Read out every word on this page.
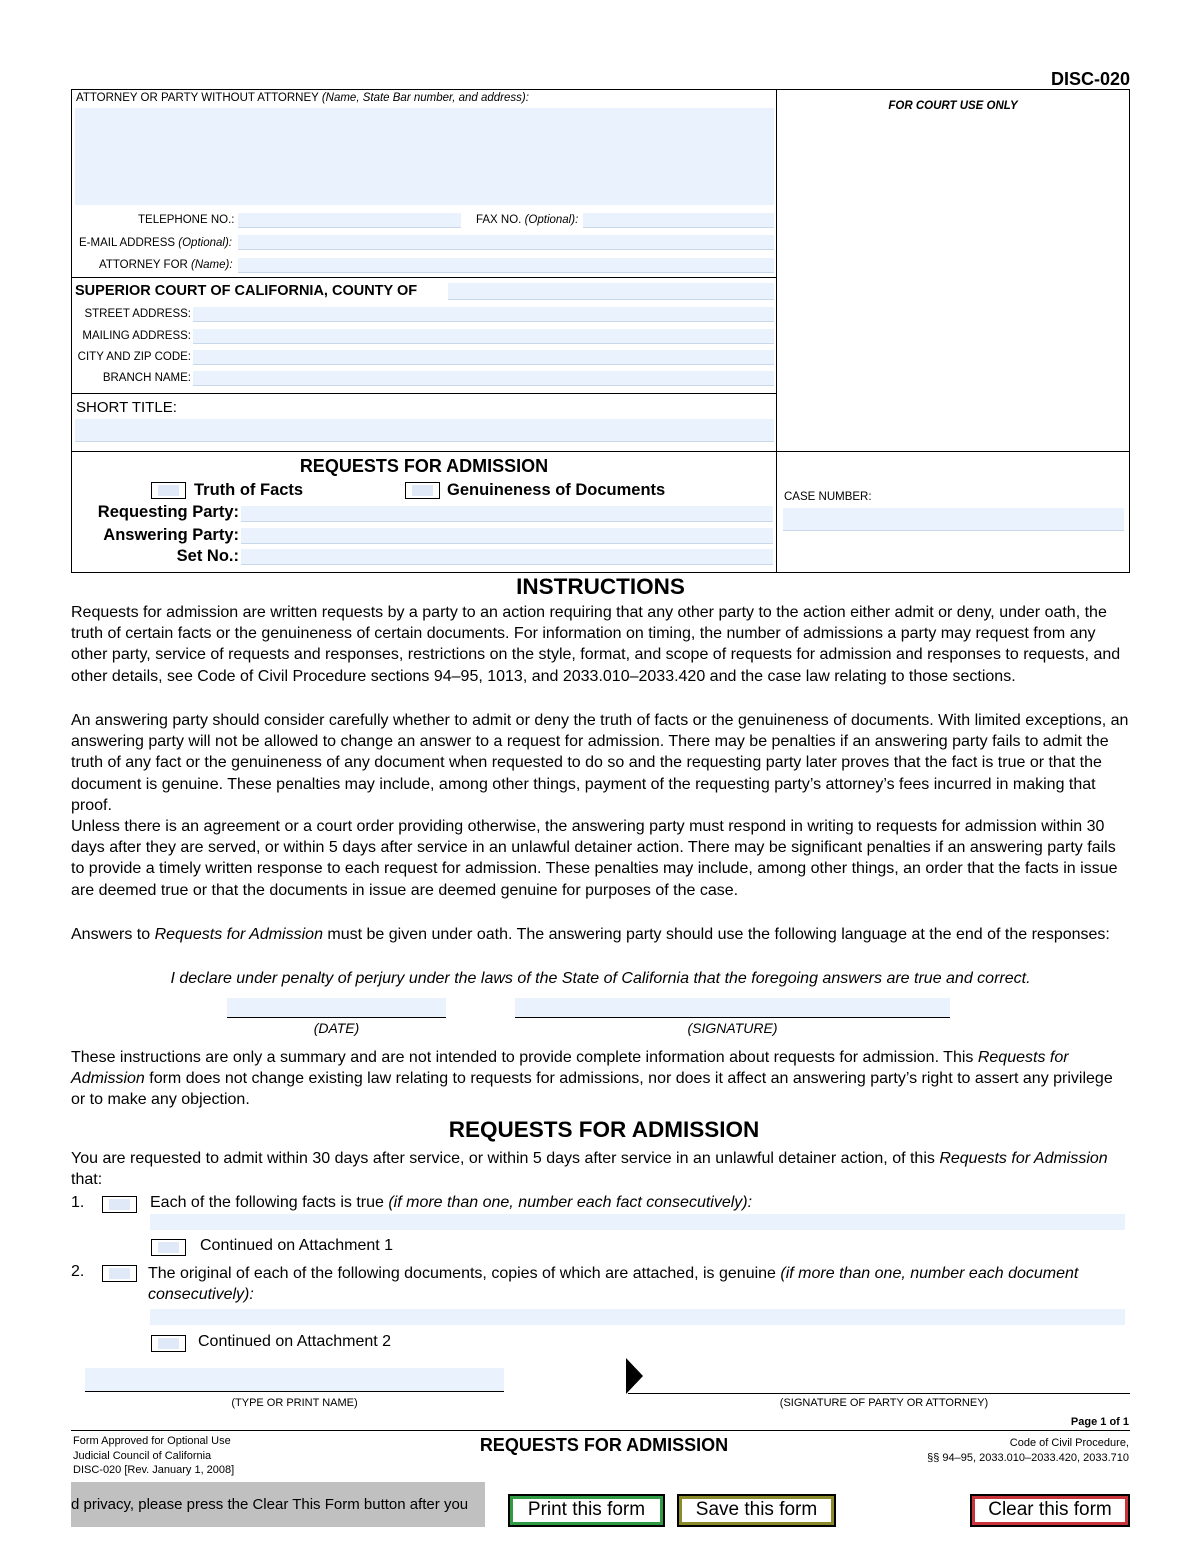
DISC-020
ATTORNEY OR PARTY WITHOUT ATTORNEY (Name, State Bar number, and address):
TELEPHONE NO.:	FAX NO. (Optional):
E-MAIL ADDRESS (Optional):
ATTORNEY FOR (Name):
SUPERIOR COURT OF CALIFORNIA, COUNTY OF
STREET ADDRESS:
MAILING ADDRESS:
CITY AND ZIP CODE:
BRANCH NAME:
SHORT TITLE:
FOR COURT USE ONLY
REQUESTS FOR ADMISSION
Truth of Facts	Genuineness of Documents
Requesting Party:
Answering Party:
Set No.:
CASE NUMBER:
INSTRUCTIONS
Requests for admission are written requests by a party to an action requiring that any other party to the action either admit or deny, under oath, the truth of certain facts or the genuineness of certain documents. For information on timing, the number of admissions a party may request from any other party, service of requests and responses, restrictions on the style, format, and scope of requests for admission and responses to requests, and other details, see Code of Civil Procedure sections 94–95, 1013, and 2033.010–2033.420 and the case law relating to those sections.
An answering party should consider carefully whether to admit or deny the truth of facts or the genuineness of documents. With limited exceptions, an answering party will not be allowed to change an answer to a request for admission. There may be penalties if an answering party fails to admit the truth of any fact or the genuineness of any document when requested to do so and the requesting party later proves that the fact is true or that the document is genuine. These penalties may include, among other things, payment of the requesting party’s attorney’s fees incurred in making that proof.
Unless there is an agreement or a court order providing otherwise, the answering party must respond in writing to requests for admission within 30 days after they are served, or within 5 days after service in an unlawful detainer action. There may be significant penalties if an answering party fails to provide a timely written response to each request for admission. These penalties may include, among other things, an order that the facts in issue are deemed true or that the documents in issue are deemed genuine for purposes of the case.
Answers to Requests for Admission must be given under oath. The answering party should use the following language at the end of the responses:
I declare under penalty of perjury under the laws of the State of California that the foregoing answers are true and correct.
(DATE)	(SIGNATURE)
These instructions are only a summary and are not intended to provide complete information about requests for admission. This Requests for Admission form does not change existing law relating to requests for admissions, nor does it affect an answering party’s right to assert any privilege or to make any objection.
REQUESTS FOR ADMISSION
You are requested to admit within 30 days after service, or within 5 days after service in an unlawful detainer action, of this Requests for Admission that:
1.	Each of the following facts is true (if more than one, number each fact consecutively):
Continued on Attachment 1
2.	The original of each of the following documents, copies of which are attached, is genuine (if more than one, number each document consecutively):
Continued on Attachment 2
(TYPE OR PRINT NAME)	(SIGNATURE OF PARTY OR ATTORNEY)
Page 1 of 1
Form Approved for Optional Use
Judicial Council of California
DISC-020 [Rev. January 1, 2008]
REQUESTS FOR ADMISSION	Code of Civil Procedure,
§§ 94–95, 2033.010–2033.420, 2033.710
d privacy, please press the Clear This Form button after you	Print this form	Save this form	Clear this form
